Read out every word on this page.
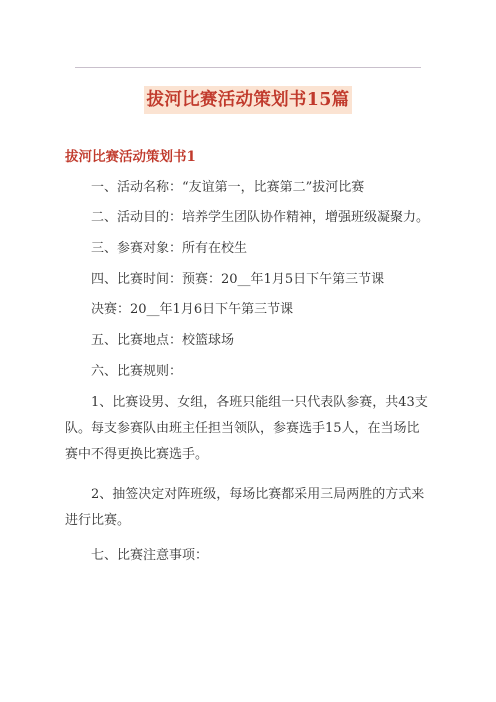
拔河比赛活动策划书15篇
拔河比赛活动策划书1
一、活动名称：“友谊第一，比赛第二”拔河比赛
二、活动目的：培养学生团队协作精神，增强班级凝聚力。
三、参赛对象：所有在校生
四、比赛时间：预赛：20__年1月5日下午第三节课
决赛：20__年1月6日下午第三节课
五、比赛地点：校篮球场
六、比赛规则：
1、比赛设男、女组，各班只能组一只代表队参赛，共43支队。每支参赛队由班主任担当领队，参赛选手15人，在当场比赛中不得更换比赛选手。
2、抽签决定对阵班级，每场比赛都采用三局两胜的方式来进行比赛。
七、比赛注意事项：
